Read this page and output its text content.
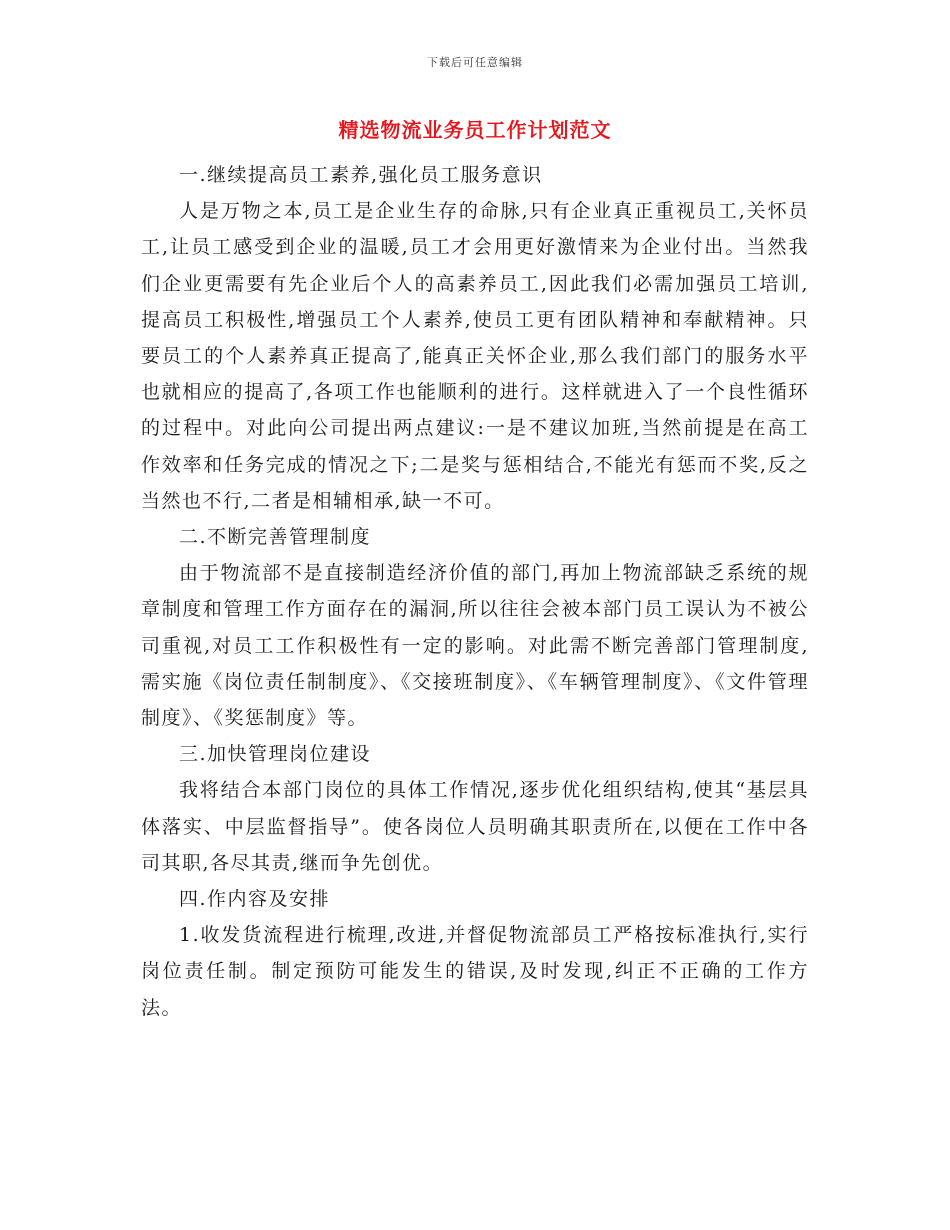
下载后可任意编辑
精选物流业务员工作计划范文

一.继续提高员工素养,强化员工服务意识

人是万物之本,员工是企业生存的命脉,只有企业真正重视员工,关怀员工,让员工感受到企业的温暖,员工才会用更好激情来为企业付出。当然我们企业更需要有先企业后个人的高素养员工,因此我们必需加强员工培训,提高员工积极性,增强员工个人素养,使员工更有团队精神和奉献精神。只要员工的个人素养真正提高了,能真正关怀企业,那么我们部门的服务水平也就相应的提高了,各项工作也能顺利的进行。这样就进入了一个良性循环的过程中。对此向公司提出两点建议:一是不建议加班,当然前提是在高工作效率和任务完成的情况之下;二是奖与惩相结合,不能光有惩而不奖,反之当然也不行,二者是相辅相承,缺一不可。

二.不断完善管理制度

由于物流部不是直接制造经济价值的部门,再加上物流部缺乏系统的规章制度和管理工作方面存在的漏洞,所以往往会被本部门员工误认为不被公司重视,对员工工作积极性有一定的影响。对此需不断完善部门管理制度,需实施《岗位责任制制度》、《交接班制度》、《车辆管理制度》、《文件管理制度》、《奖惩制度》等。

三.加快管理岗位建设

我将结合本部门岗位的具体工作情况,逐步优化组织结构,使其“基层具体落实、中层监督指导”。使各岗位人员明确其职责所在,以便在工作中各司其职,各尽其责,继而争先创优。

四.作内容及安排

1.收发货流程进行梳理,改进,并督促物流部员工严格按标准执行,实行岗位责任制。制定预防可能发生的错误,及时发现,纠正不正确的工作方法。
